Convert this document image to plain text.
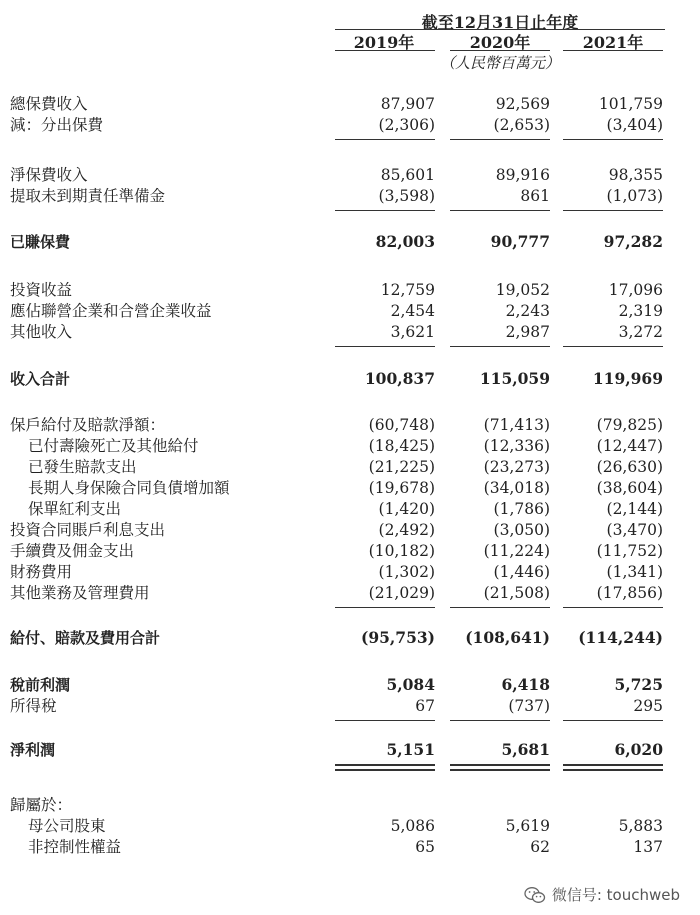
截至12月31日止年度
2019年	2020年	2021年
（人民幣百萬元）
總保費收入	87,907	92,569	101,759
減：分出保費	(2,306)	(2,653)	(3,404)
淨保費收入	85,601	89,916	98,355
提取未到期責任準備金	(3,598)	861	(1,073)
已賺保費	82,003	90,777	97,282
投資收益	12,759	19,052	17,096
應佔聯營企業和合營企業收益	2,454	2,243	2,319
其他收入	3,621	2,987	3,272
收入合計	100,837	115,059	119,969
保戶給付及賠款淨額：	(60,748)	(71,413)	(79,825)
已付壽險死亡及其他給付	(18,425)	(12,336)	(12,447)
已發生賠款支出	(21,225)	(23,273)	(26,630)
長期人身保險合同負債增加額	(19,678)	(34,018)	(38,604)
保單紅利支出	(1,420)	(1,786)	(2,144)
投資合同賬戶利息支出	(2,492)	(3,050)	(3,470)
手續費及佣金支出	(10,182)	(11,224)	(11,752)
財務費用	(1,302)	(1,446)	(1,341)
其他業務及管理費用	(21,029)	(21,508)	(17,856)
給付、賠款及費用合計	(95,753)	(108,641)	(114,244)
稅前利潤	5,084	6,418	5,725
所得稅	67	(737)	295
淨利潤	5,151	5,681	6,020
歸屬於：
母公司股東	5,086	5,619	5,883
非控制性權益	65	62	137
微信号: touchweb
